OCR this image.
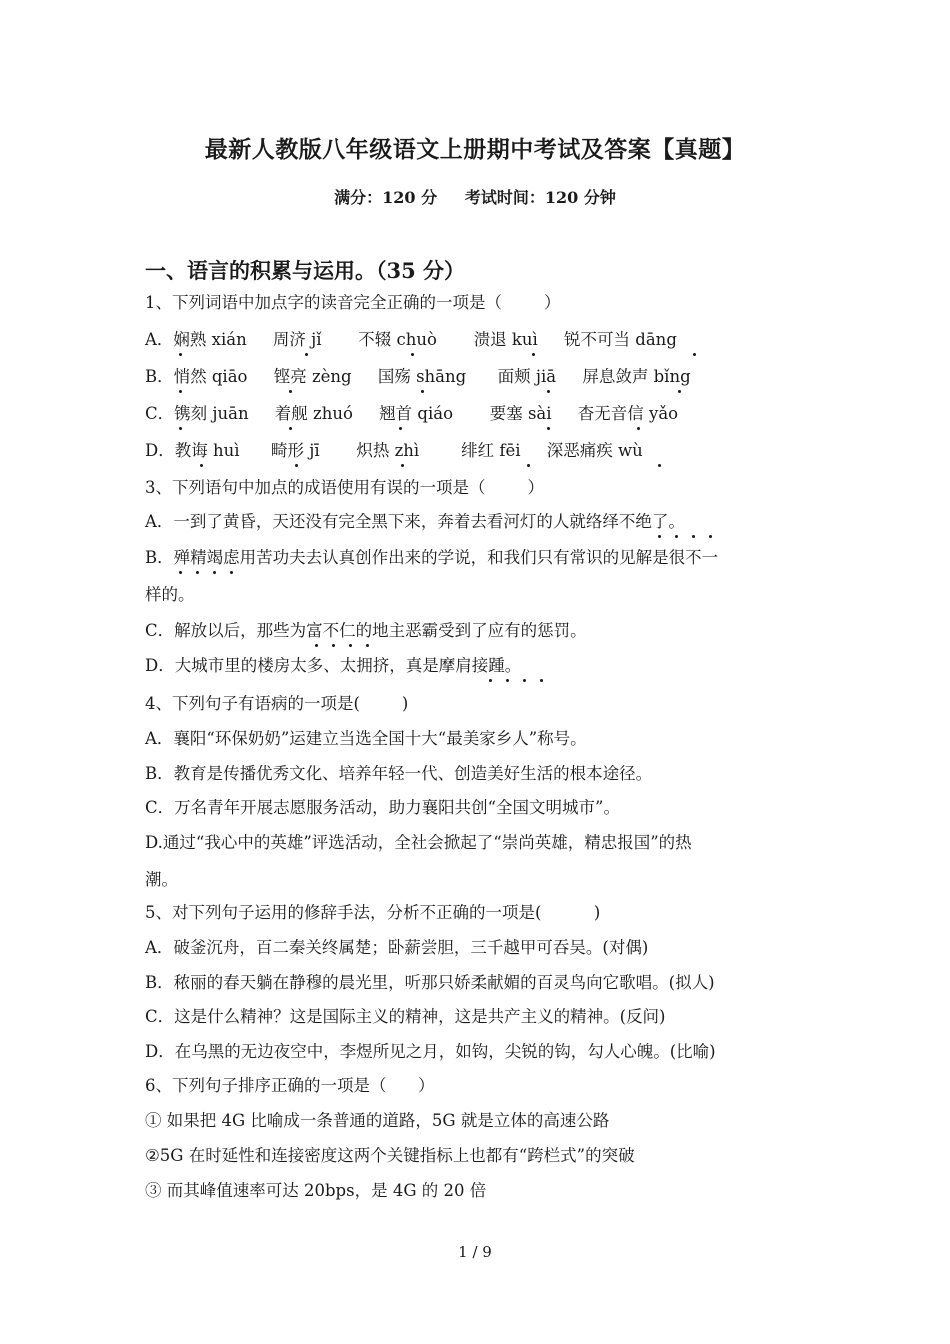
最新人教版八年级语文上册期中考试及答案【真题】
满分：120 分     考试时间：120 分钟
一、语言的积累与运用。（35 分）
1、下列词语中加点字的读音完全正确的一项是（        ）
A．娴熟 xián     周济 jǐ       不辍 chuò       溃退 kuì     锐不可当 dāng
B．悄然 qiāo     铿亮 zèng     国殇 shāng      面颊 jiā     屏息敛声 bǐng
C．镌刻 juān     着舰 zhuó     翘首 qiáo       要塞 sài     杳无音信 yǎo
D．教诲 huì      畸形 jī       炽热 zhì        绯红 fēi     深恶痛疾 wù
3、下列语句中加点的成语使用有误的一项是（        ）
A．一到了黄昏，天还没有完全黑下来，奔着去看河灯的人就络绎不绝了。
B．殚精竭虑用苦功夫去认真创作出来的学说，和我们只有常识的见解是很不一
样的。
C．解放以后，那些为富不仁的地主恶霸受到了应有的惩罚。
D．大城市里的楼房太多、太拥挤，真是摩肩接踵。
4、下列句子有语病的一项是(        )
A．襄阳“环保奶奶”运建立当选全国十大“最美家乡人”称号。
B．教育是传播优秀文化、培养年轻一代、创造美好生活的根本途径。
C．万名青年开展志愿服务活动，助力襄阳共创“全国文明城市”。
D.通过“我心中的英雄”评选活动，全社会掀起了“崇尚英雄，精忠报国”的热
潮。
5、对下列句子运用的修辞手法，分析不正确的一项是(          )
A．破釜沉舟，百二秦关终属楚；卧薪尝胆，三千越甲可吞吴。(对偶)
B．秾丽的春天躺在静穆的晨光里，听那只娇柔献媚的百灵鸟向它歌唱。(拟人)
C．这是什么精神？这是国际主义的精神，这是共产主义的精神。(反问)
D．在乌黑的无边夜空中，李煜所见之月，如钩，尖锐的钩，勾人心魄。(比喻)
6、下列句子排序正确的一项是（      ）
① 如果把 4G 比喻成一条普通的道路，5G 就是立体的高速公路
②5G 在时延性和连接密度这两个关键指标上也都有“跨栏式”的突破
③ 而其峰值速率可达 20bps，是 4G 的 20 倍
1 / 9
